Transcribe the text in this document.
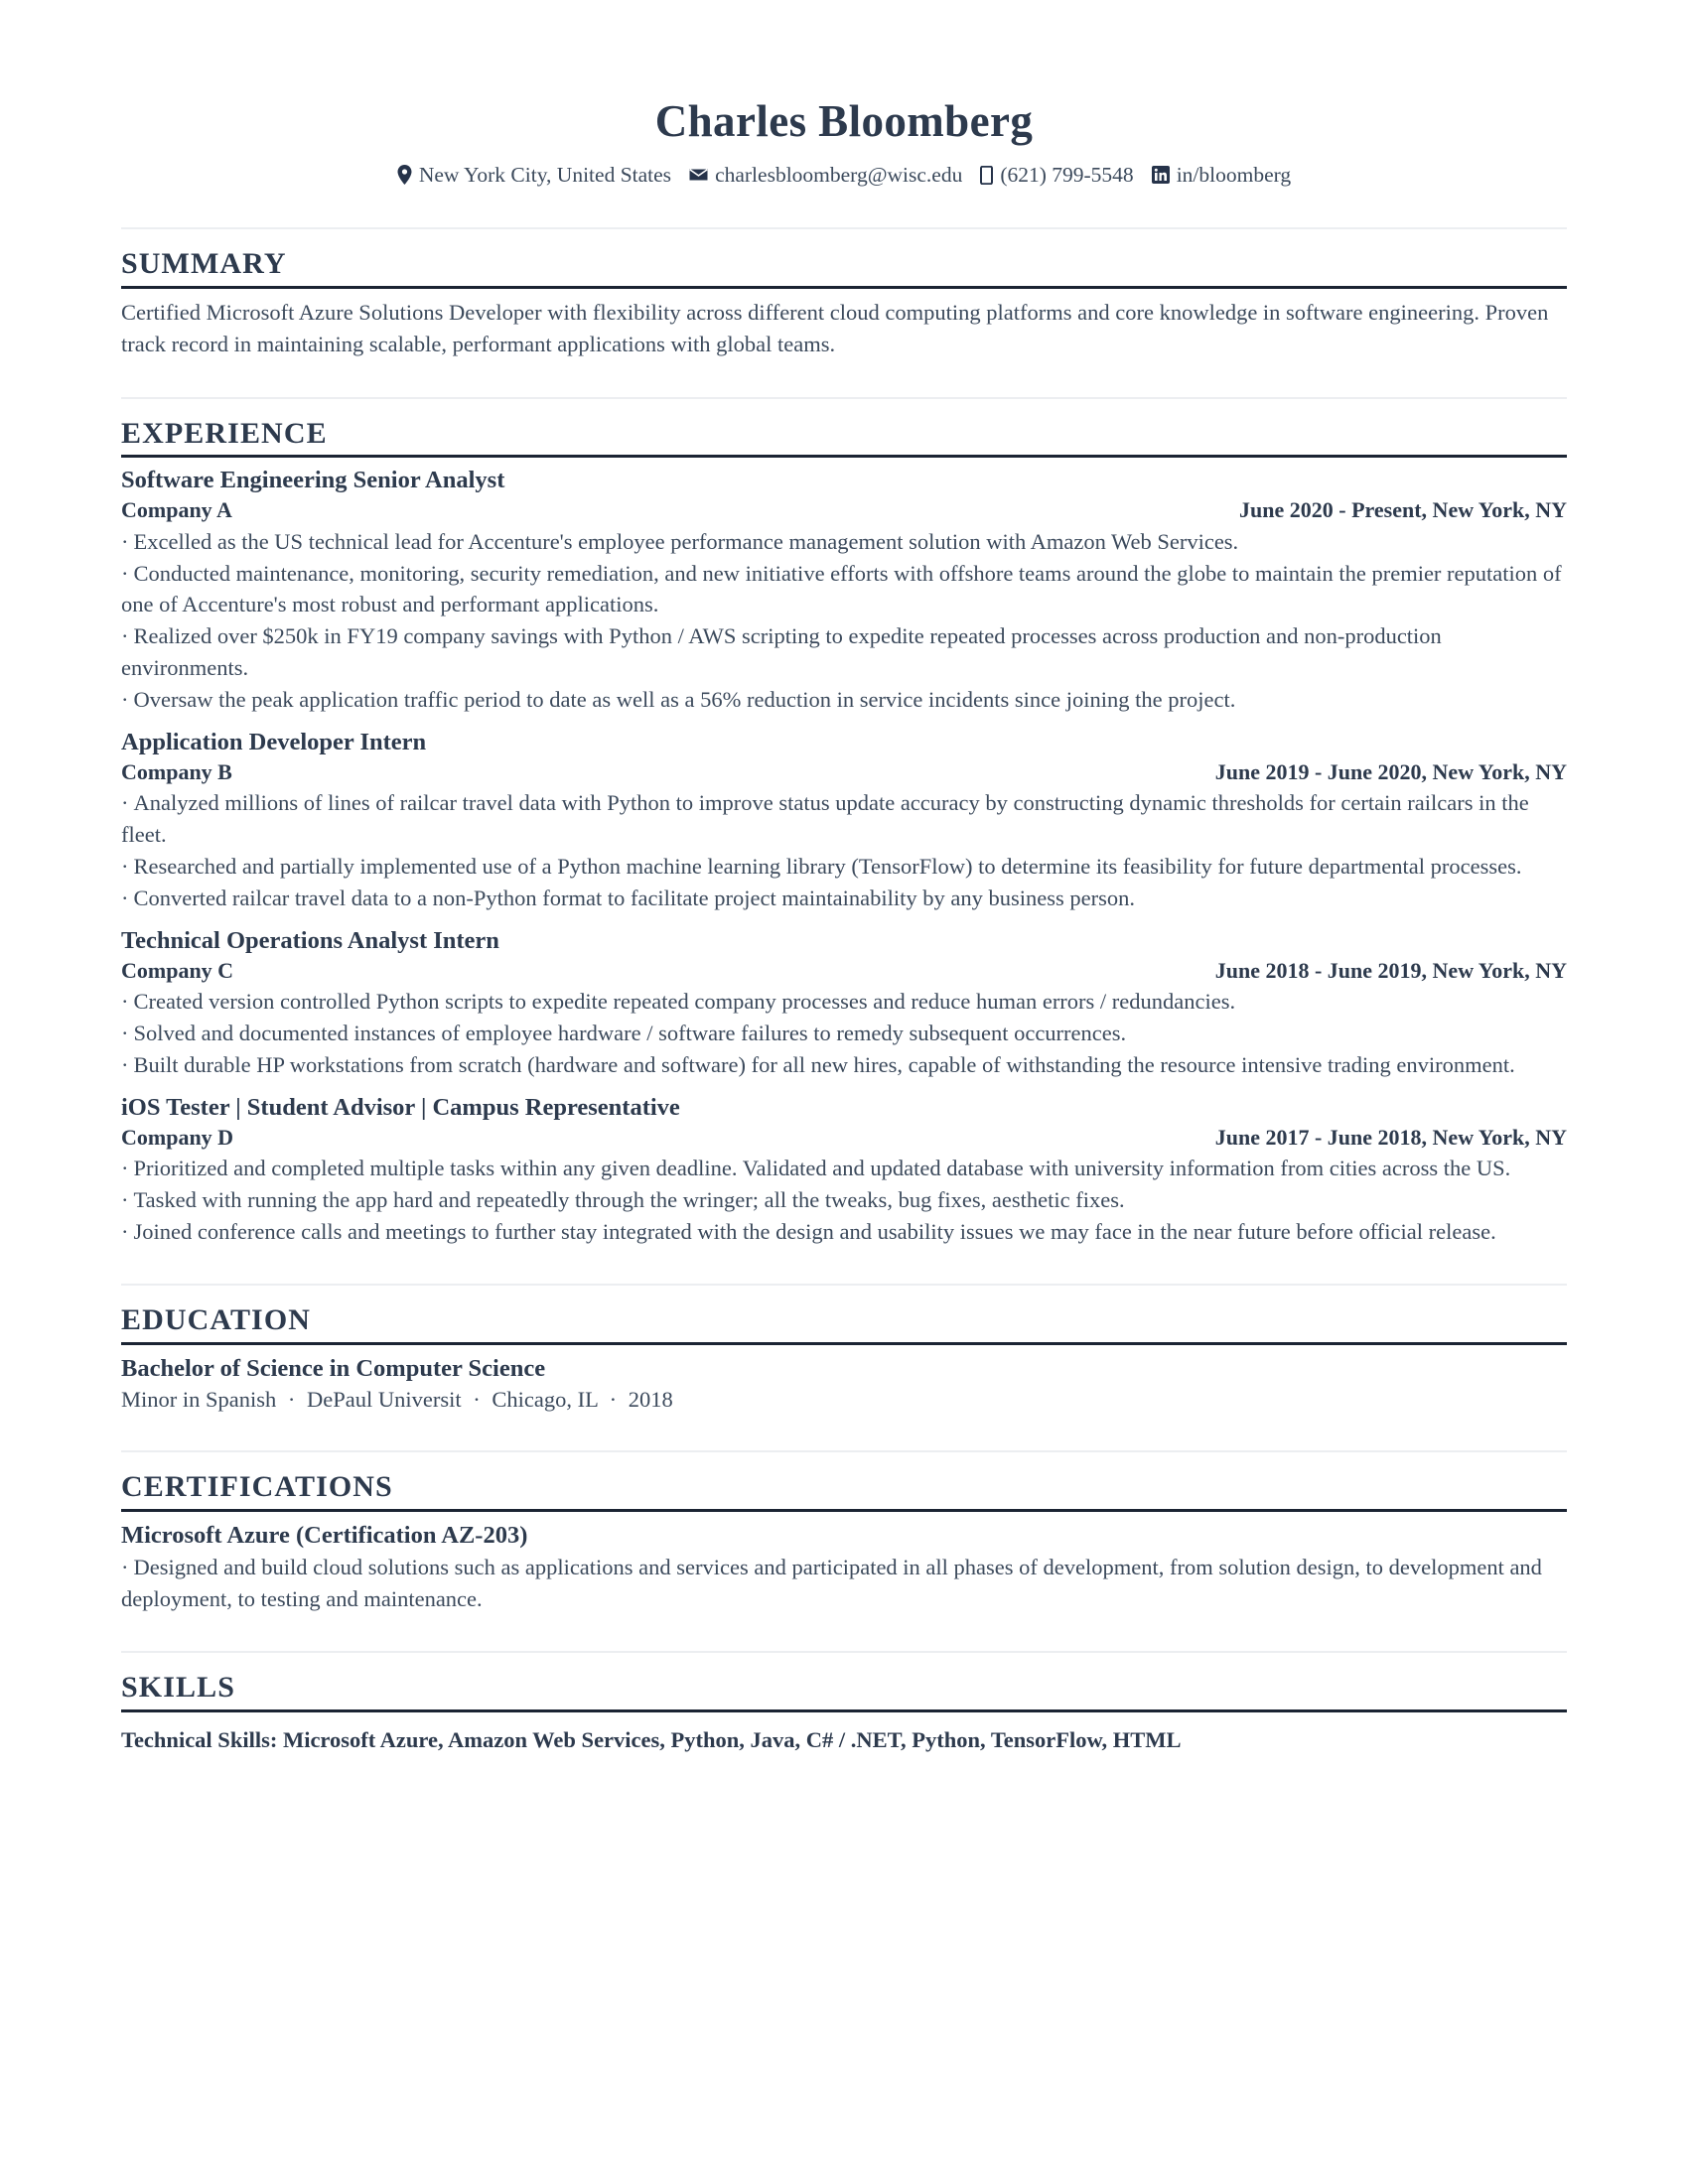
Charles Bloomberg
New York City, United States charlesbloomberg@wisc.edu (621) 799-5548 in/bloomberg
SUMMARY

Certified Microsoft Azure Solutions Developer with flexibility across different cloud computing platforms and core knowledge in software engineering. Proven track record in maintaining scalable, performant applications with global teams.

EXPERIENCE
Software Engineering Senior Analyst
Company A	June 2020 - Present, New York, NY
· Excelled as the US technical lead for Accenture's employee performance management solution with Amazon Web Services.
· Conducted maintenance, monitoring, security remediation, and new initiative efforts with offshore teams around the globe to maintain the premier reputation of one of Accenture's most robust and performant applications.
· Realized over $250k in FY19 company savings with Python / AWS scripting to expedite repeated processes across production and non-production environments.
· Oversaw the peak application traffic period to date as well as a 56% reduction in service incidents since joining the project.
Application Developer Intern
Company B	June 2019 - June 2020, New York, NY
· Analyzed millions of lines of railcar travel data with Python to improve status update accuracy by constructing dynamic thresholds for certain railcars in the fleet.
· Researched and partially implemented use of a Python machine learning library (TensorFlow) to determine its feasibility for future departmental processes.
· Converted railcar travel data to a non-Python format to facilitate project maintainability by any business person.
Technical Operations Analyst Intern
Company C	June 2018 - June 2019, New York, NY
· Created version controlled Python scripts to expedite repeated company processes and reduce human errors / redundancies.
· Solved and documented instances of employee hardware / software failures to remedy subsequent occurrences.
· Built durable HP workstations from scratch (hardware and software) for all new hires, capable of withstanding the resource intensive trading environment.
iOS Tester | Student Advisor | Campus Representative
Company D	June 2017 - June 2018, New York, NY
· Prioritized and completed multiple tasks within any given deadline. Validated and updated database with university information from cities across the US.
· Tasked with running the app hard and repeatedly through the wringer; all the tweaks, bug fixes, aesthetic fixes.
· Joined conference calls and meetings to further stay integrated with the design and usability issues we may face in the near future before official release.
EDUCATION
Bachelor of Science in Computer Science
Minor in Spanish · DePaul Universit · Chicago, IL · 2018
CERTIFICATIONS
Microsoft Azure (Certification AZ-203)
· Designed and build cloud solutions such as applications and services and participated in all phases of development, from solution design, to development and deployment, to testing and maintenance.
SKILLS
Technical Skills: Microsoft Azure, Amazon Web Services, Python, Java, C# / .NET, Python, TensorFlow, HTML
